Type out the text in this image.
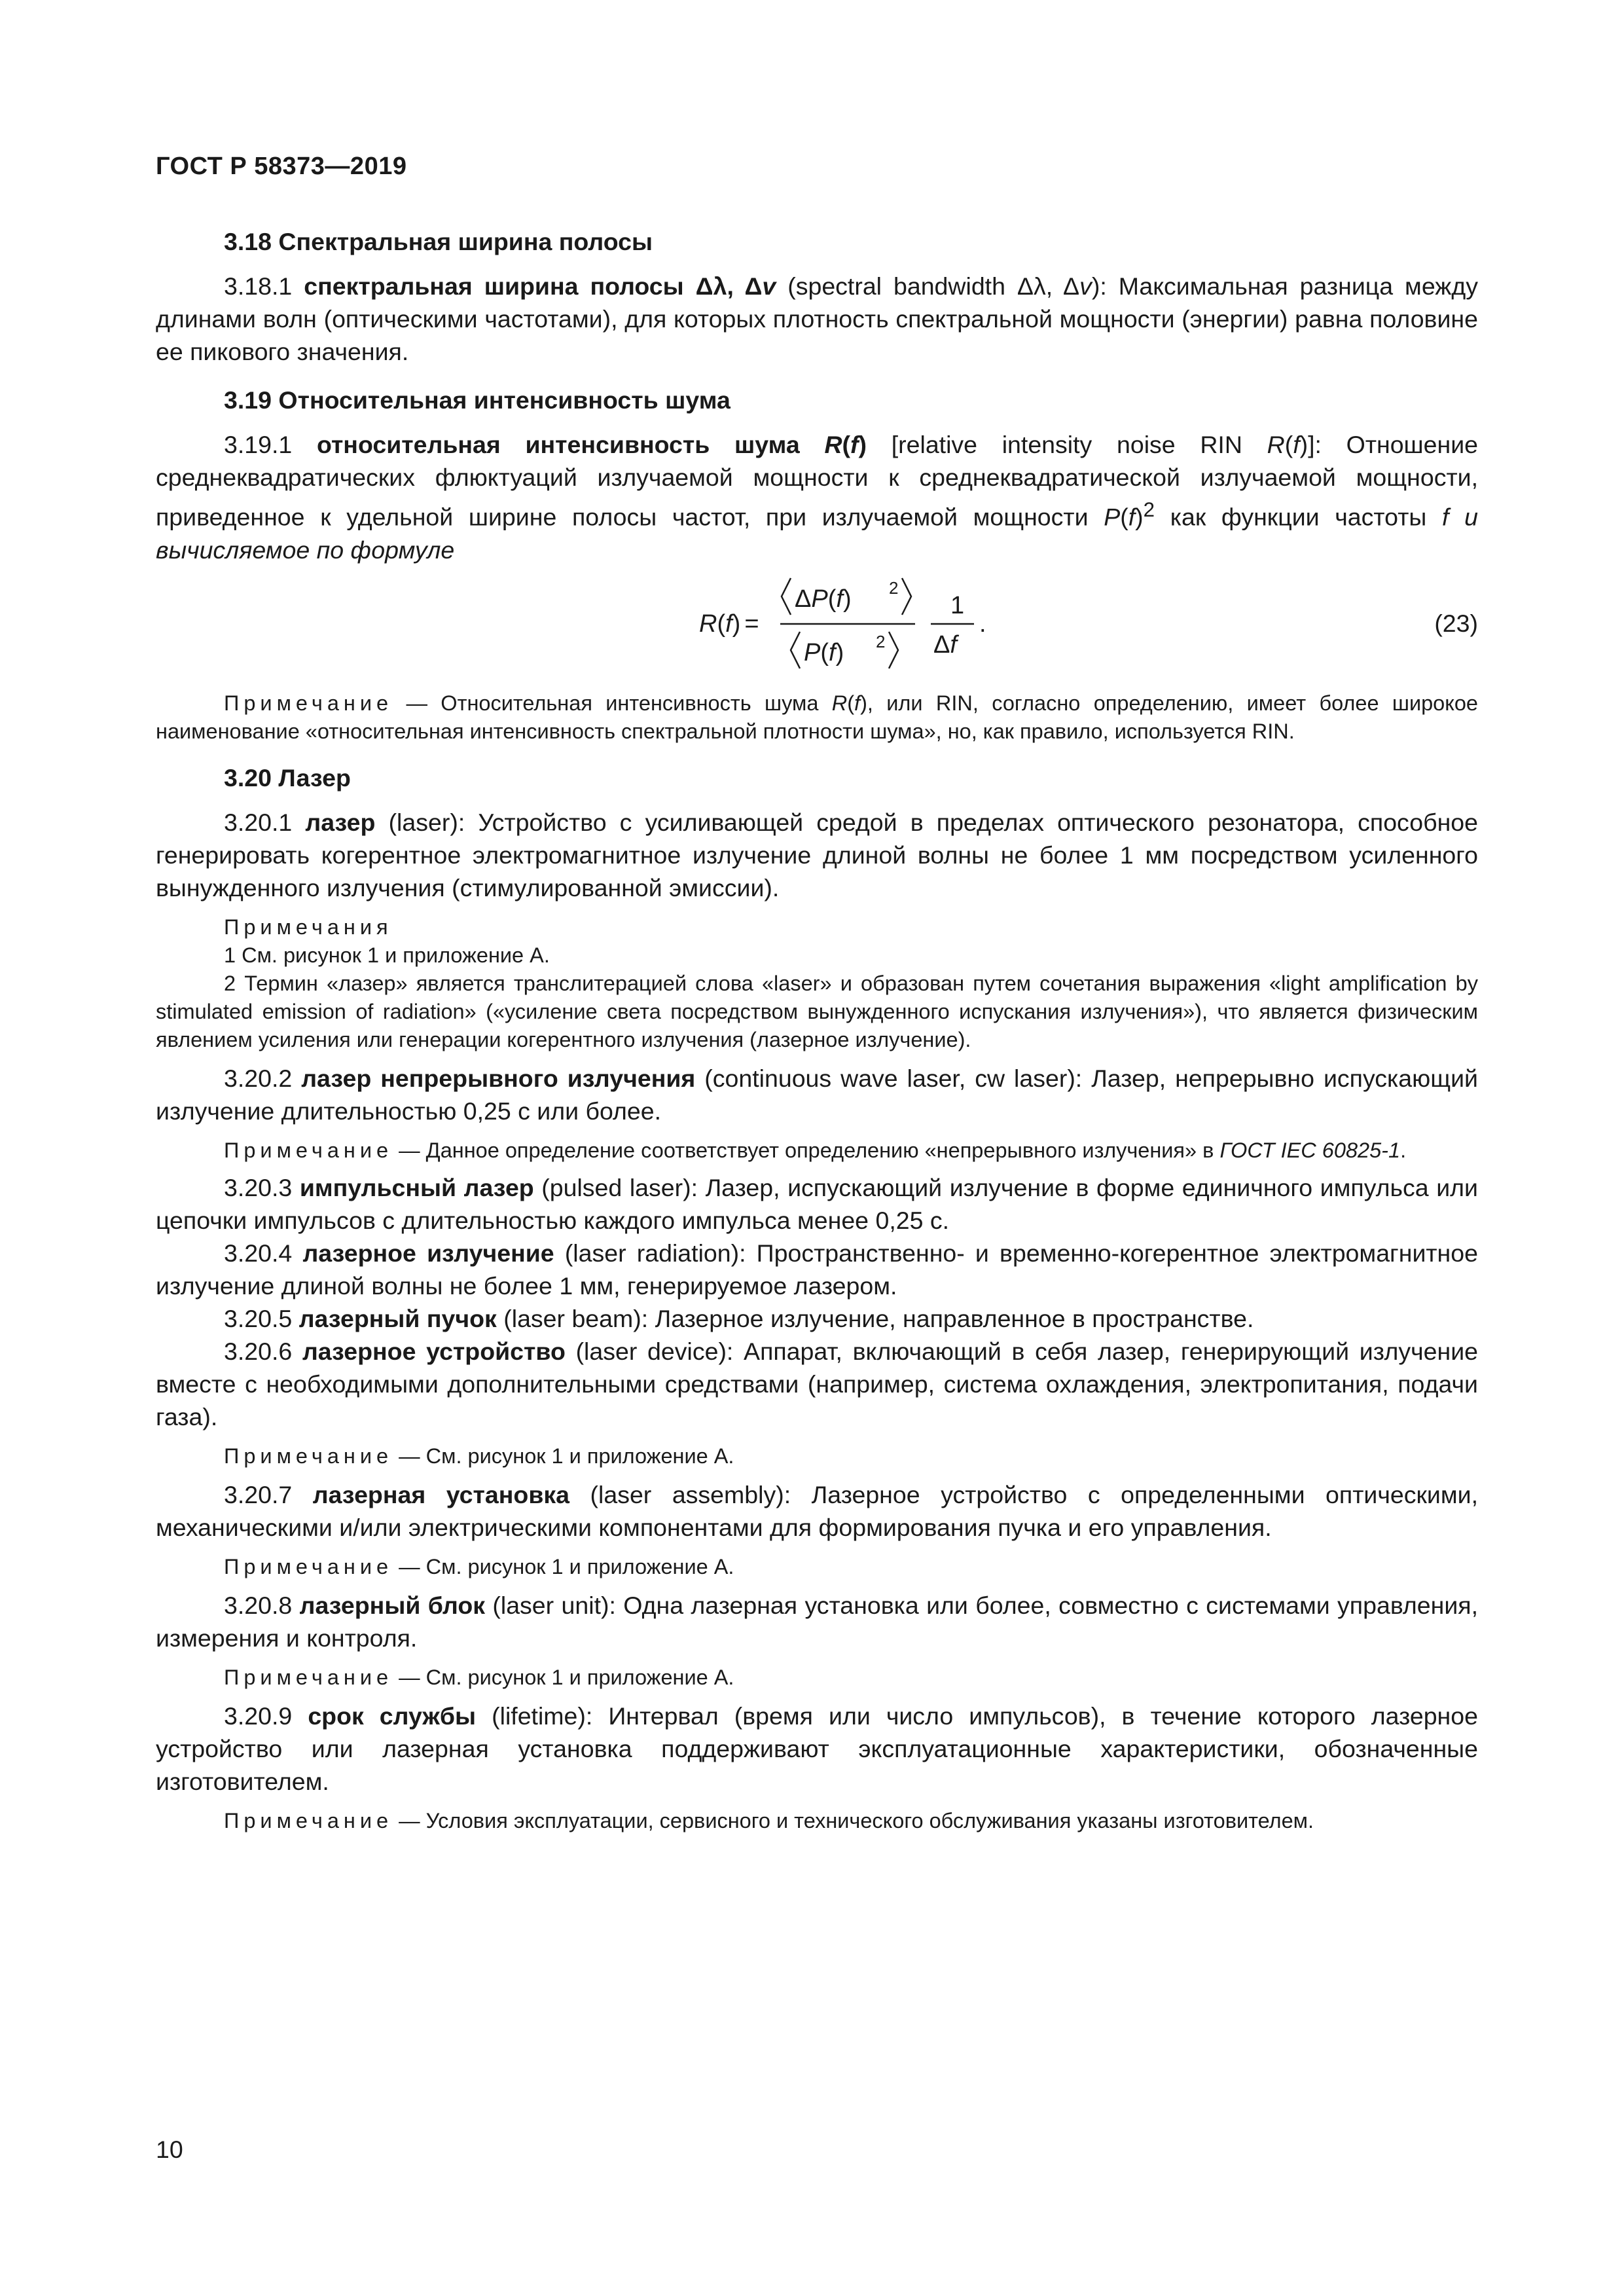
ГОСТ Р 58373—2019

3.18 Спектральная ширина полосы

3.18.1 спектральная ширина полосы Δλ, Δv (spectral bandwidth Δλ, Δv): Максимальная разница между длинами волн (оптическими частотами), для которых плотность спектральной мощности (энергии) равна половине ее пикового значения.

3.19 Относительная интенсивность шума

3.19.1 относительная интенсивность шума R(f) [relative intensity noise RIN R(f)]: Отношение среднеквадратических флюктуаций излучаемой мощности к среднеквадратической излучаемой мощности, приведенное к удельной ширине полосы частот, при излучаемой мощности $P(f)^2$ как функции частоты f и вычисляемое по формуле

R(f) =
ΔP(f) 2
P(f) 2
1
Δf
.	(23)

Примечание — Относительная интенсивность шума R(f), или RIN, согласно определению, имеет более широкое наименование «относительная интенсивность спектральной плотности шума», но, как правило, используется RIN.

3.20 Лазер

3.20.1 лазер (laser): Устройство с усиливающей средой в пределах оптического резонатора, способное генерировать когерентное электромагнитное излучение длиной волны не более 1 мм посредством усиленного вынужденного излучения (стимулированной эмиссии).

Примечания

1 См. рисунок 1 и приложение А.

2 Термин «лазер» является транслитерацией слова «laser» и образован путем сочетания выражения «light amplification by stimulated emission of radiation» («усиление света посредством вынужденного испускания излучения»), что является физическим явлением усиления или генерации когерентного излучения (лазерное излучение).

3.20.2 лазер непрерывного излучения (continuous wave laser, cw laser): Лазер, непрерывно испускающий излучение длительностью 0,25 с или более.

Примечание — Данное определение соответствует определению «непрерывного излучения» в ГОСТ IEC 60825-1.

3.20.3 импульсный лазер (pulsed laser): Лазер, испускающий излучение в форме единичного импульса или цепочки импульсов с длительностью каждого импульса менее 0,25 с.

3.20.4 лазерное излучение (laser radiation): Пространственно- и временно-когерентное электромагнитное излучение длиной волны не более 1 мм, генерируемое лазером.

3.20.5 лазерный пучок (laser beam): Лазерное излучение, направленное в пространстве.

3.20.6 лазерное устройство (laser device): Аппарат, включающий в себя лазер, генерирующий излучение вместе с необходимыми дополнительными средствами (например, система охлаждения, электропитания, подачи газа).

Примечание — См. рисунок 1 и приложение А.

3.20.7 лазерная установка (laser assembly): Лазерное устройство с определенными оптическими, механическими и/или электрическими компонентами для формирования пучка и его управления.

Примечание — См. рисунок 1 и приложение А.

3.20.8 лазерный блок (laser unit): Одна лазерная установка или более, совместно с системами управления, измерения и контроля.

Примечание — См. рисунок 1 и приложение А.

3.20.9 срок службы (lifetime): Интервал (время или число импульсов), в течение которого лазерное устройство или лазерная установка поддерживают эксплуатационные характеристики, обозначенные изготовителем.

Примечание — Условия эксплуатации, сервисного и технического обслуживания указаны изготовителем.

10
